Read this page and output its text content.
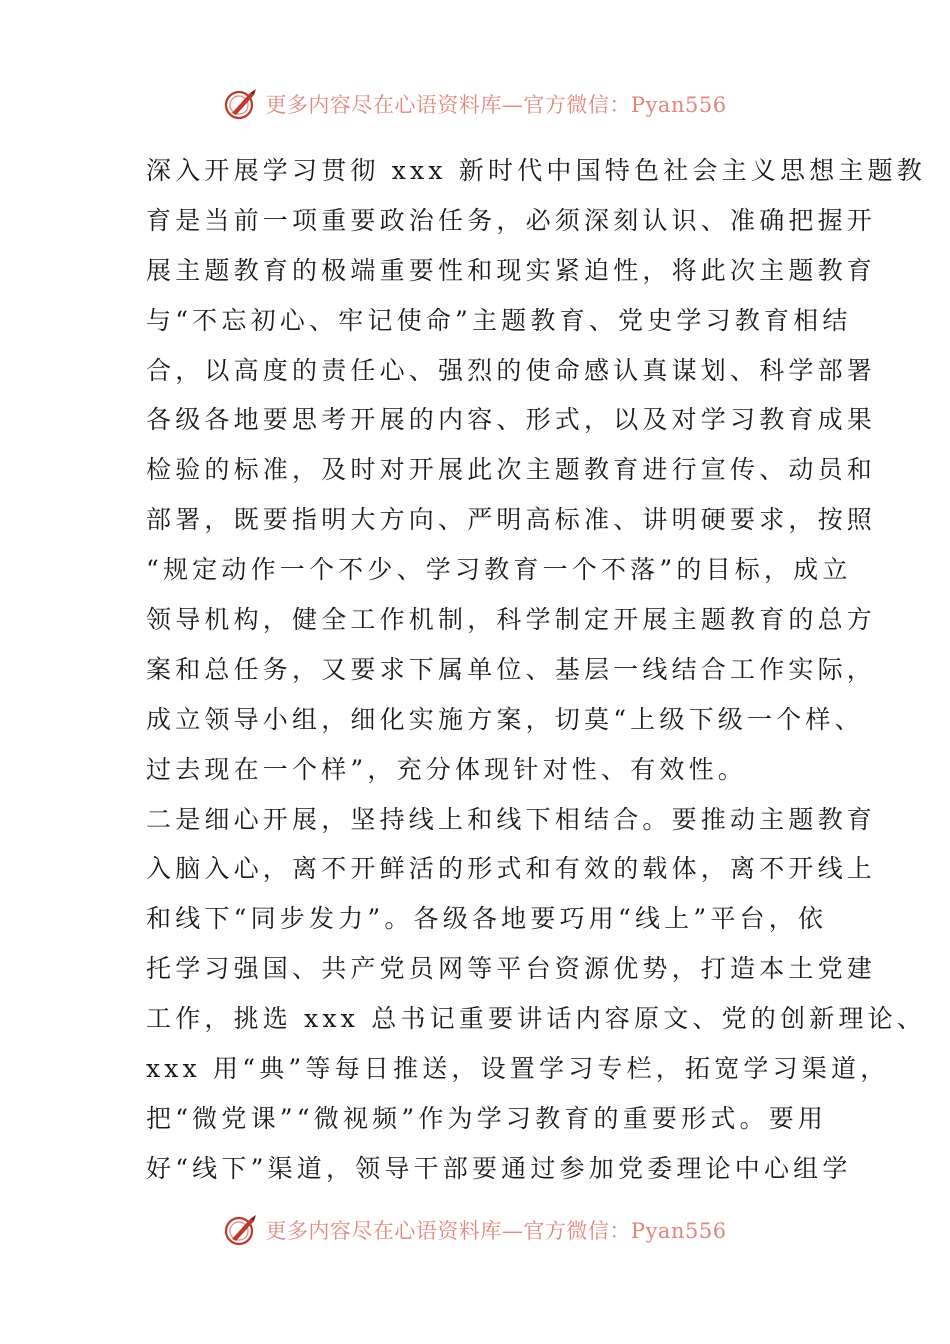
更多内容尽在心语资料库—官方微信：Pyan556
深入开展学习贯彻 xxx 新时代中国特色社会主义思想主题教
育是当前一项重要政治任务，必须深刻认识、准确把握开
展主题教育的极端重要性和现实紧迫性，将此次主题教育
与“不忘初心、牢记使命”主题教育、党史学习教育相结
合，以高度的责任心、强烈的使命感认真谋划、科学部署
各级各地要思考开展的内容、形式，以及对学习教育成果
检验的标准，及时对开展此次主题教育进行宣传、动员和
部署，既要指明大方向、严明高标准、讲明硬要求，按照
“规定动作一个不少、学习教育一个不落”的目标，成立
领导机构，健全工作机制，科学制定开展主题教育的总方
案和总任务，又要求下属单位、基层一线结合工作实际，
成立领导小组，细化实施方案，切莫“上级下级一个样、
过去现在一个样”，充分体现针对性、有效性。
二是细心开展，坚持线上和线下相结合。要推动主题教育
入脑入心，离不开鲜活的形式和有效的载体，离不开线上
和线下“同步发力”。各级各地要巧用“线上”平台，依
托学习强国、共产党员网等平台资源优势，打造本土党建
工作，挑选 xxx 总书记重要讲话内容原文、党的创新理论、
xxx 用“典”等每日推送，设置学习专栏，拓宽学习渠道，
把“微党课”“微视频”作为学习教育的重要形式。要用
好“线下”渠道，领导干部要通过参加党委理论中心组学
更多内容尽在心语资料库—官方微信：Pyan556
